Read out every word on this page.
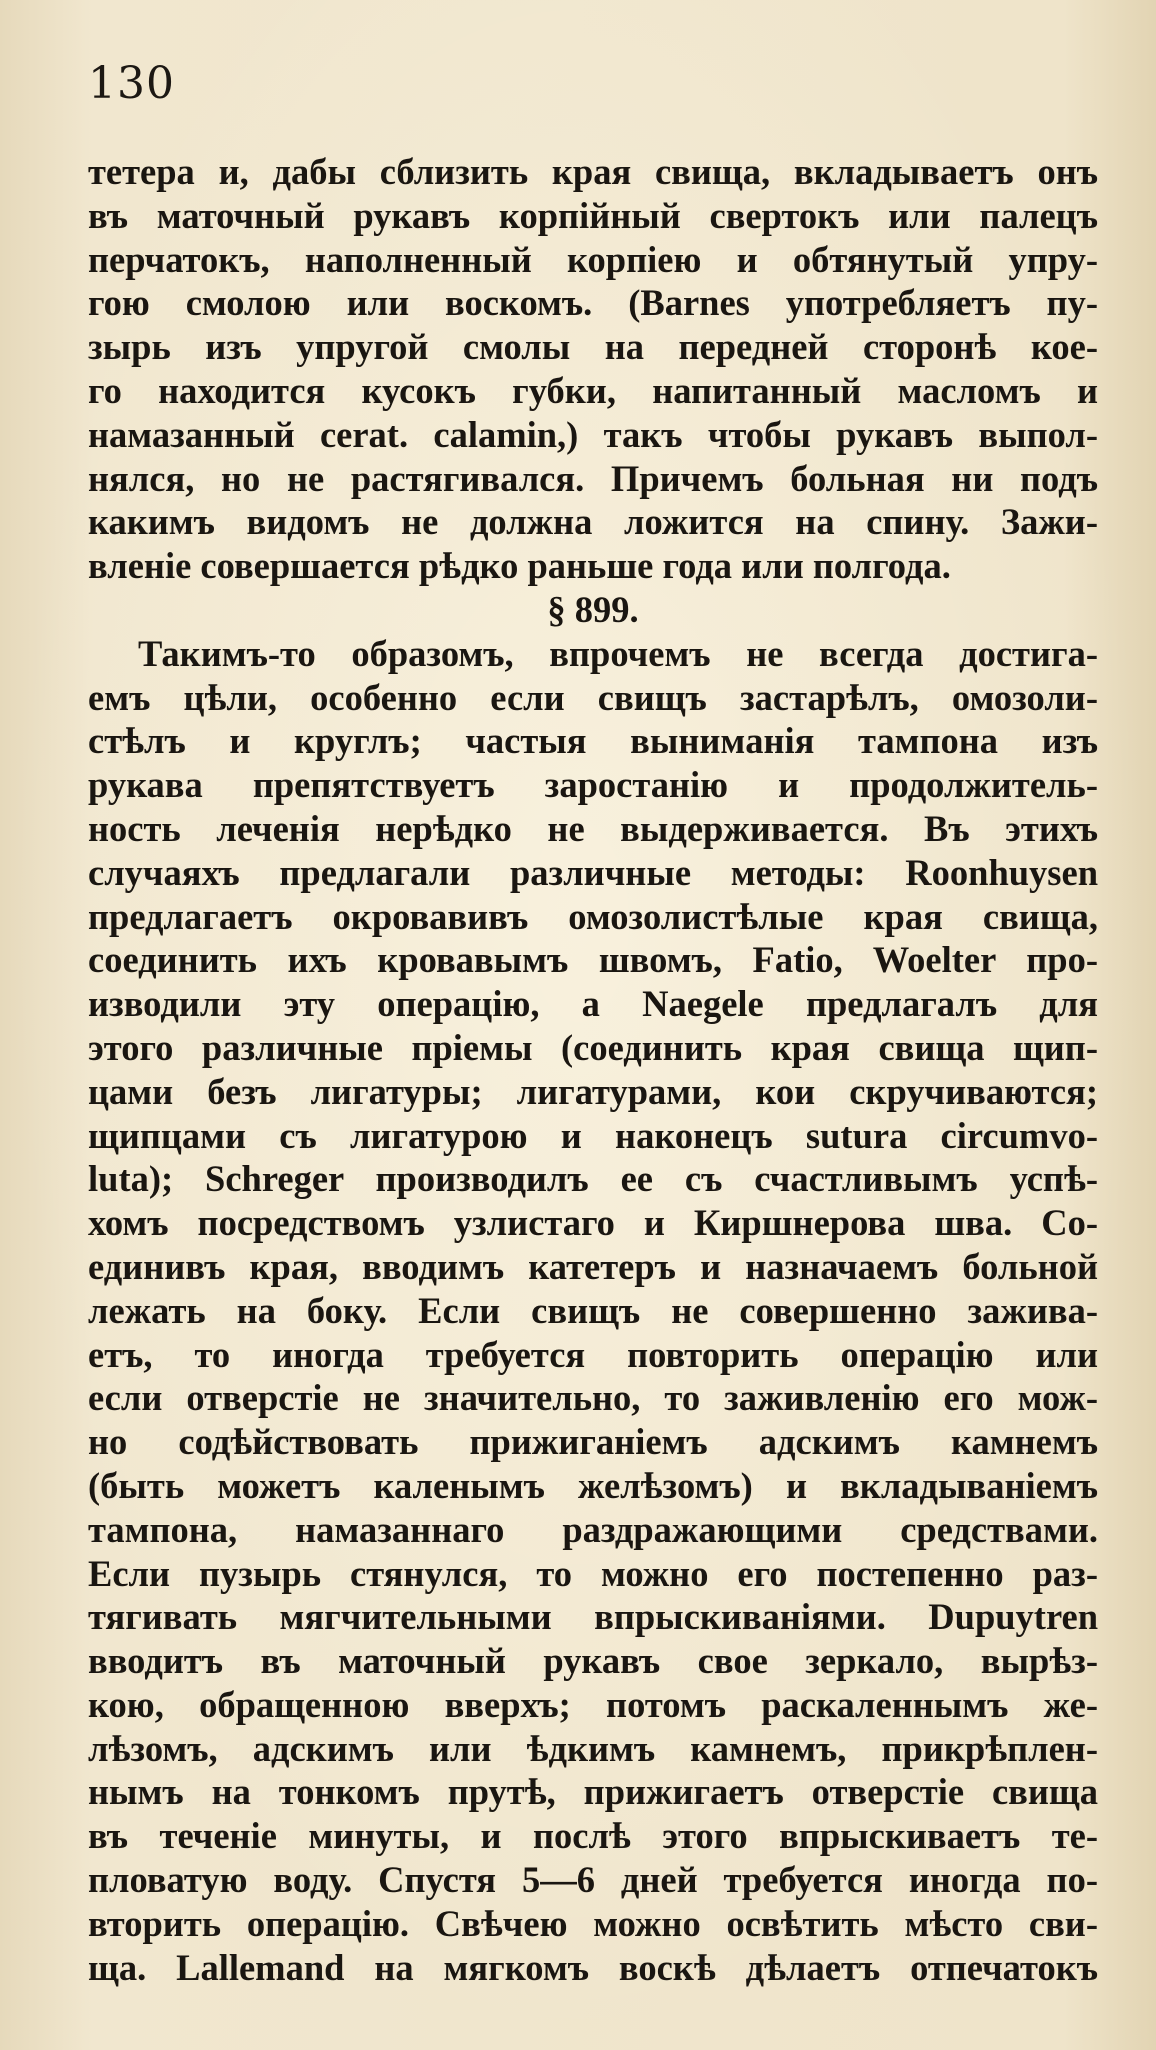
130
тетера и, дабы сблизить края свища, вкладываетъ онъ
въ маточный рукавъ корпiйный свертокъ или палецъ
перчатокъ, наполненный корпiею и обтянутый упру-
гою смолою или воскомъ. (Barnes употребляетъ пу-
зырь изъ упругой смолы на передней сторонѣ кое-
го находится кусокъ губки, напитанный масломъ и
намазанный cerat. calamin,) такъ чтобы рукавъ выпол-
нялся, но не растягивался. Причемъ больная ни подъ
какимъ видомъ не должна ложится на спину. Зажи-
вленiе совершается рѣдко раньше года или полгода.
§ 899.
Такимъ-то образомъ, впрочемъ не всегда достигa-
емъ цѣли, особенно если свищъ застарѣлъ, омозоли-
стѣлъ и круглъ; частыя вынимaнiя тампона изъ
рукава препятствуетъ заростанiю и продолжитель-
ность леченiя нерѣдко не выдерживается. Въ этихъ
случаяхъ предлагали различные методы: Roonhuysen
предлагаетъ окровавивъ омозолистѣлые края свища,
соединить ихъ кровавымъ швомъ, Fatio, Woelter про-
изводили эту операцiю, а Naegele предлагалъ для
этого различные прiемы (соединить края свища щип-
цами безъ лигатуры; лигатурами, кои скручиваются;
щипцами съ лигатурою и наконецъ sutura circumvo-
luta); Schreger производилъ ее съ счастливымъ успѣ-
хомъ посредствомъ узлистаго и Киршнерова шва. Со-
единивъ края, вводимъ катетеръ и назначаемъ больной
лежать на боку. Если свищъ не совершенно зажива-
етъ, то иногда требуется повторить операцiю или
если отверстiе не значительно, то заживленiю его мож-
но содѣйствовать прижиганiемъ адскимъ камнемъ
(быть можетъ каленымъ желѣзомъ) и вкладыванiемъ
тампона, намазаннаго раздражающими средствами.
Если пузырь стянулся, то можно его постепенно раз-
тягивать мягчительными впрыскиванiями. Dupuytren
вводитъ въ маточный рукавъ свое зеркало, вырѣз-
кою, обращенною вверхъ; потомъ раскаленнымъ же-
лѣзомъ, адскимъ или ѣдкимъ камнемъ, прикрѣплен-
нымъ на тонкомъ прутѣ, прижигаетъ отверстiе свища
въ теченiе минуты, и послѣ этого впрыскиваетъ те-
пловатую воду. Спустя 5—6 дней требуется иногда по-
вторить операцiю. Свѣчею можно освѣтить мѣсто сви-
ща. Lallemand на мягкомъ воскѣ дѣлаетъ отпечатокъ
